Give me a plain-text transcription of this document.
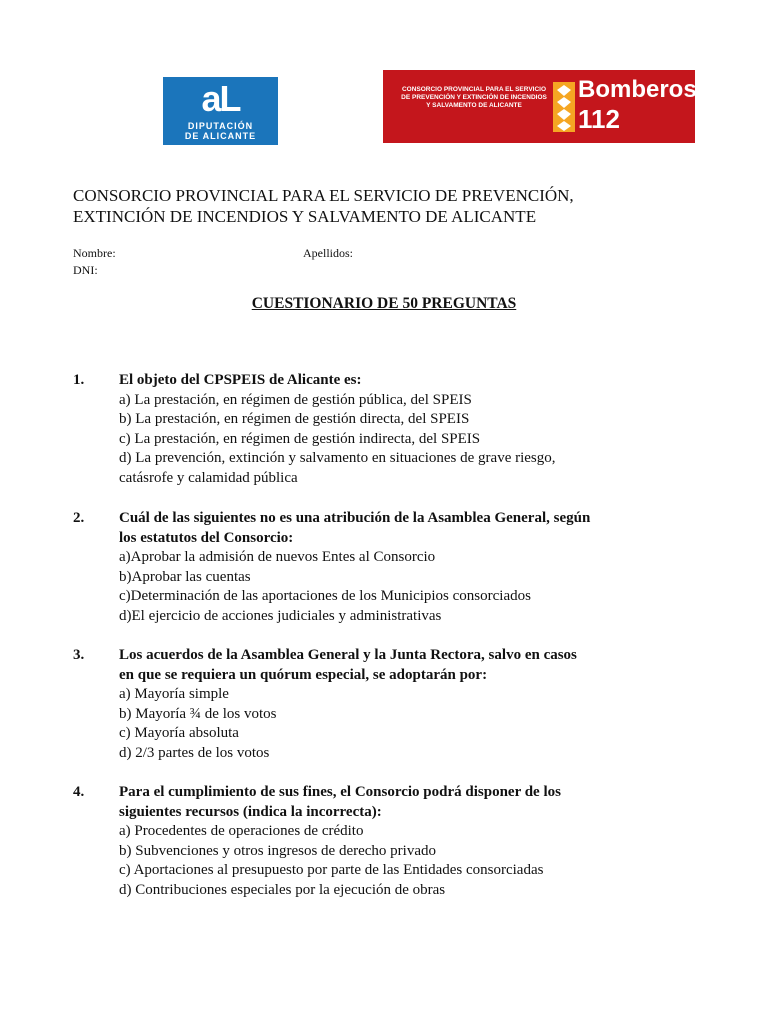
aL
DIPUTACIÓN
DE ALICANTE
CONSORCIO PROVINCIAL PARA EL SERVICIO
DE PREVENCIÓN Y EXTINCIÓN DE INCENDIOS
Y SALVAMENTO DE ALICANTE
Bomberos
112
CONSORCIO PROVINCIAL PARA EL SERVICIO DE PREVENCIÓN,
EXTINCIÓN DE INCENDIOS Y SALVAMENTO DE ALICANTE
Nombre:	Apellidos:
DNI:
CUESTIONARIO DE 50 PREGUNTAS
1. El objeto del CPSPEIS de Alicante es:
a) La prestación, en régimen de gestión pública, del SPEIS
b) La prestación, en régimen de gestión directa, del SPEIS
c) La prestación, en régimen de gestión indirecta, del SPEIS
d) La prevención, extinción y salvamento en situaciones de grave riesgo,
catásrofe y calamidad pública
2. Cuál de las siguientes no es una atribución de la Asamblea General, según
los estatutos del Consorcio:
a)Aprobar la admisión de nuevos Entes al Consorcio
b)Aprobar las cuentas
c)Determinación de las aportaciones de los Municipios consorciados
d)El ejercicio de acciones judiciales y administrativas
3. Los acuerdos de la Asamblea General y la Junta Rectora, salvo en casos
en que se requiera un quórum especial, se adoptarán por:
a) Mayoría simple
b) Mayoría ¾ de los votos
c) Mayoría absoluta
d) 2/3 partes de los votos
4. Para el cumplimiento de sus fines, el Consorcio podrá disponer de los
siguientes recursos (indica la incorrecta):
a) Procedentes de operaciones de crédito
b) Subvenciones y otros ingresos de derecho privado
c) Aportaciones al presupuesto por parte de las Entidades consorciadas
d) Contribuciones especiales por la ejecución de obras
